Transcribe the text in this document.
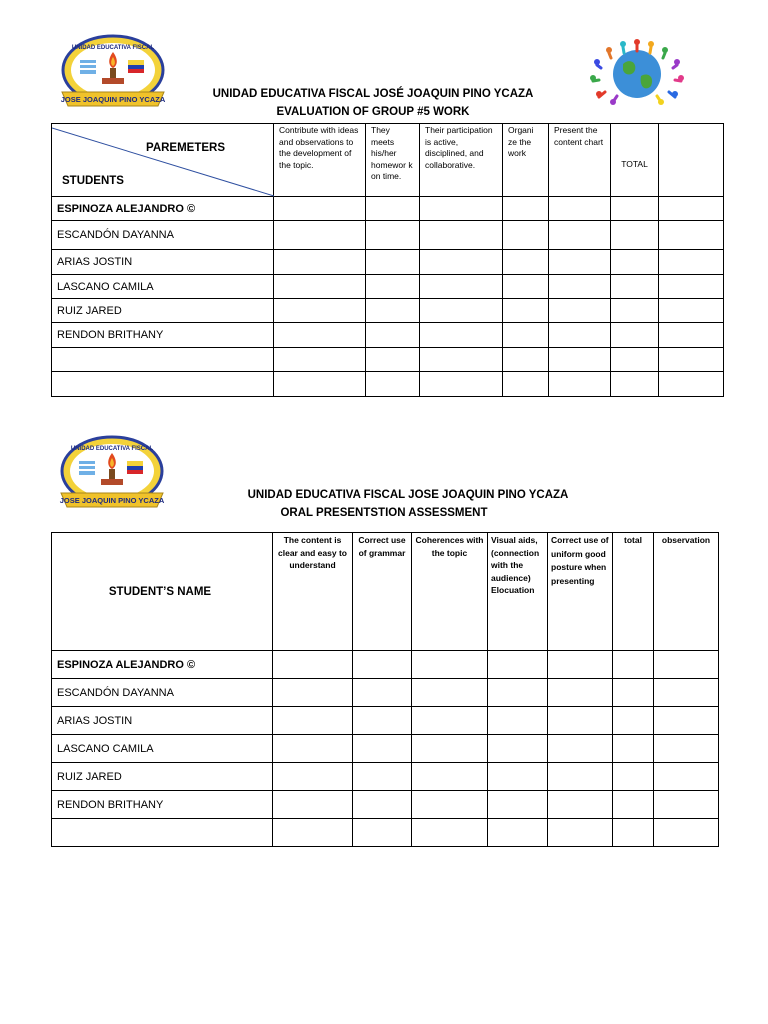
UNIDAD EDUCATIVA FISCAL
JOSE JOAQUIN PINO YCAZA	UNIDAD EDUCATIVA FISCAL JOSÉ JOAQUIN PINO YCAZA
EVALUATION OF GROUP #5 WORK
PAREMETERS
STUDENTS	Contribute with ideas and observations to the development of the topic.	They meets his/her homewor k on time.	Their participation is active, disciplined, and collaborative.	Organi ze the work	Present the content chart	TOTAL	
ESPINOZA ALEJANDRO ©							
ESCANDÓN DAYANNA							
ARIAS JOSTIN							
LASCANO CAMILA							
RUIZ JARED							
RENDON BRITHANY							

UNIDAD EDUCATIVA FISCAL
JOSE JOAQUIN PINO YCAZA	UNIDAD EDUCATIVA FISCAL JOSE JOAQUIN PINO YCAZA
ORAL PRESENTSTION ASSESSMENT
STUDENT’S NAME	The content is clear and easy to understand	Correct use of grammar	Coherences with the topic	Visual aids, (connection with the audience) Elocuation	Correct use of uniform good posture when presenting	total	observation
ESPINOZA ALEJANDRO ©							
ESCANDÓN DAYANNA							
ARIAS JOSTIN							
LASCANO CAMILA							
RUIZ JARED							
RENDON BRITHANY							
